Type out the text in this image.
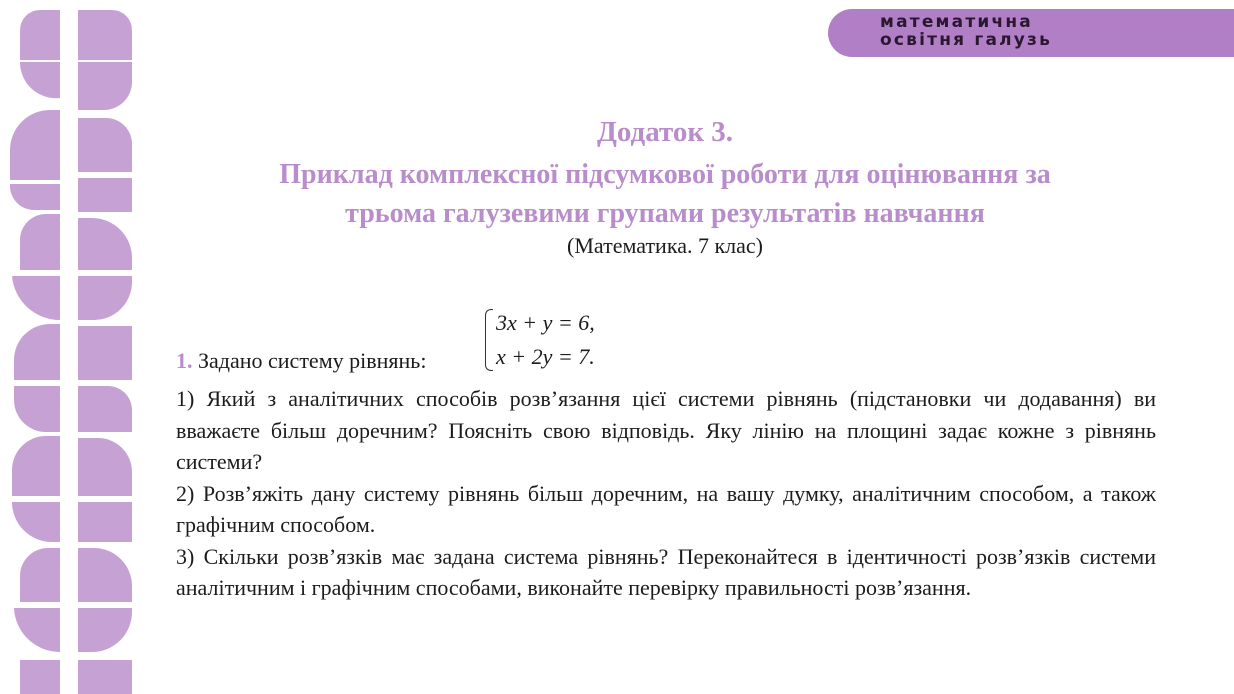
математична
освітня галузь
Додаток 3.
Приклад комплексної підсумкової роботи для оцінювання за
трьома галузевими групами результатів навчання

(Математика. 7 клас)

3x + y = 6,
x + 2y = 7.
1. Задано систему рівнянь:

1) Який з аналітичних способів розв’язання цієї системи рівнянь (підстановки чи додавання) ви вважаєте більш доречним? Поясніть свою відповідь. Яку лінію на площині задає кожне з рівнянь системи?

2) Розв’яжіть дану систему рівнянь більш доречним, на вашу думку, аналітичним способом, а також графічним способом.

3) Скільки розв’язків має задана система рівнянь? Переконайтеся в ідентичності розв’язків системи аналітичним і графічним способами, виконайте перевірку правильності розв’язання.
